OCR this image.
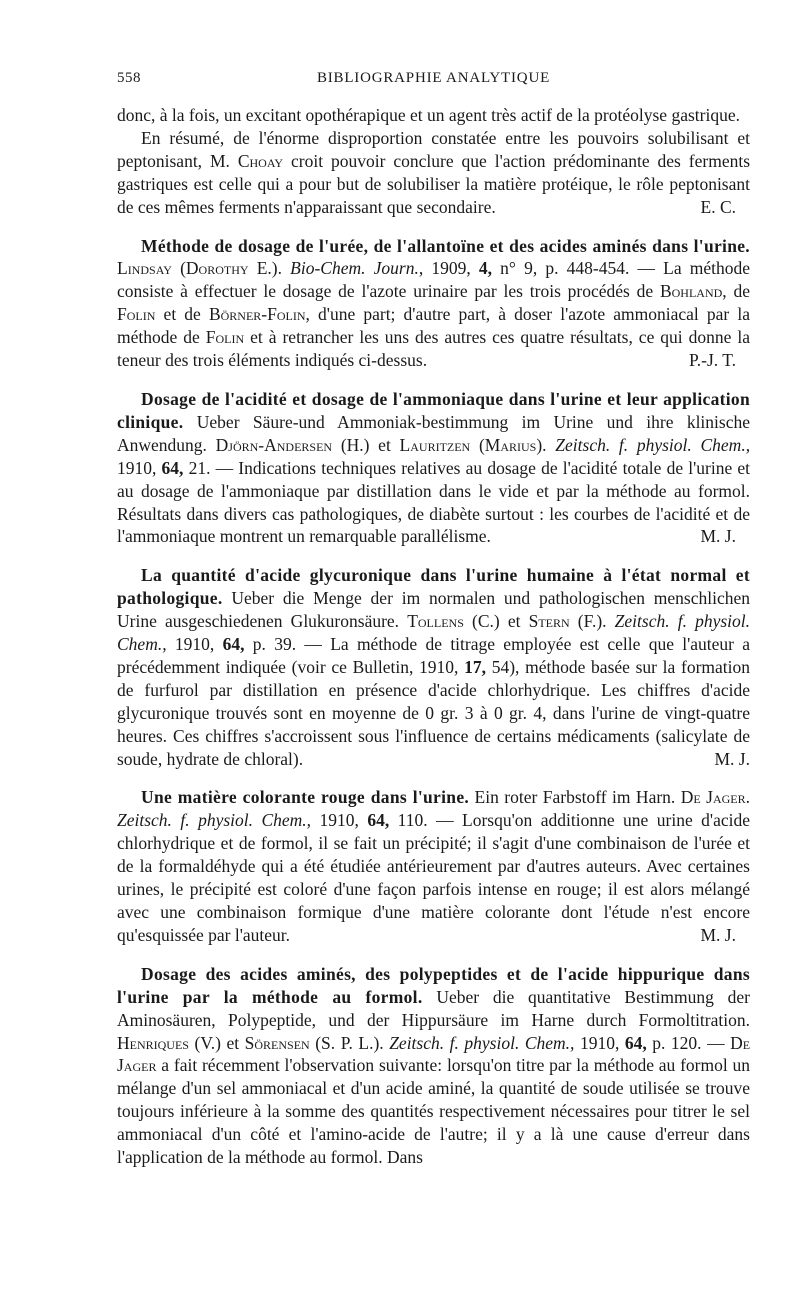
558	BIBLIOGRAPHIE ANALYTIQUE

donc, à la fois, un excitant opothérapique et un agent très actif de la protéolyse gastrique.

En résumé, de l'énorme disproportion constatée entre les pouvoirs solubilisant et peptonisant, M. Choay croit pouvoir conclure que l'action prédominante des ferments gastriques est celle qui a pour but de solubiliser la matière protéique, le rôle peptonisant de ces mêmes ferments n'apparaissant que secondaire.	E. C.

Méthode de dosage de l'urée, de l'allantoïne et des acides aminés dans l'urine. Lindsay (Dorothy E.). Bio-Chem. Journ., 1909, 4, n° 9, p. 448-454. — La méthode consiste à effectuer le dosage de l'azote urinaire par les trois procédés de Bohland, de Folin et de Börner-Folin, d'une part; d'autre part, à doser l'azote ammoniacal par la méthode de Folin et à retrancher les uns des autres ces quatre résultats, ce qui donne la teneur des trois éléments indiqués ci-dessus.	P.-J. T.

Dosage de l'acidité et dosage de l'ammoniaque dans l'urine et leur application clinique. Ueber Säure-und Ammoniak-bestimmung im Urine und ihre klinische Anwendung. Djörn-Andersen (H.) et Lauritzen (Marius). Zeitsch. f. physiol. Chem., 1910, 64, 21. — Indications techniques relatives au dosage de l'acidité totale de l'urine et au dosage de l'ammoniaque par distillation dans le vide et par la méthode au formol. Résultats dans divers cas pathologiques, de diabète surtout : les courbes de l'acidité et de l'ammoniaque montrent un remarquable parallélisme.	M. J.

La quantité d'acide glycuronique dans l'urine humaine à l'état normal et pathologique. Ueber die Menge der im normalen und pathologischen menschlichen Urine ausgeschiedenen Glukuronsäure. Tollens (C.) et Stern (F.). Zeitsch. f. physiol. Chem., 1910, 64, p. 39. — La méthode de titrage employée est celle que l'auteur a précédemment indiquée (voir ce Bulletin, 1910, 17, 54), méthode basée sur la formation de furfurol par distillation en présence d'acide chlorhydrique. Les chiffres d'acide glycuronique trouvés sont en moyenne de 0 gr. 3 à 0 gr. 4, dans l'urine de vingt-quatre heures. Ces chiffres s'accroissent sous l'influence de certains médicaments (salicylate de soude, hydrate de chloral).	M. J.

Une matière colorante rouge dans l'urine. Ein roter Farbstoff im Harn. De Jager. Zeitsch. f. physiol. Chem., 1910, 64, 110. — Lorsqu'on additionne une urine d'acide chlorhydrique et de formol, il se fait un précipité; il s'agit d'une combinaison de l'urée et de la formaldéhyde qui a été étudiée antérieurement par d'autres auteurs. Avec certaines urines, le précipité est coloré d'une façon parfois intense en rouge; il est alors mélangé avec une combinaison formique d'une matière colorante dont l'étude n'est encore qu'esquissée par l'auteur.	M. J.

Dosage des acides aminés, des polypeptides et de l'acide hippurique dans l'urine par la méthode au formol. Ueber die quantitative Bestimmung der Aminosäuren, Polypeptide, und der Hippursäure im Harne durch Formoltitration. Henriques (V.) et Sörensen (S. P. L.). Zeitsch. f. physiol. Chem., 1910, 64, p. 120. — De Jager a fait récemment l'observation suivante: lorsqu'on titre par la méthode au formol un mélange d'un sel ammoniacal et d'un acide aminé, la quantité de soude utilisée se trouve toujours inférieure à la somme des quantités respectivement nécessaires pour titrer le sel ammoniacal d'un côté et l'amino-acide de l'autre; il y a là une cause d'erreur dans l'application de la méthode au formol. Dans
